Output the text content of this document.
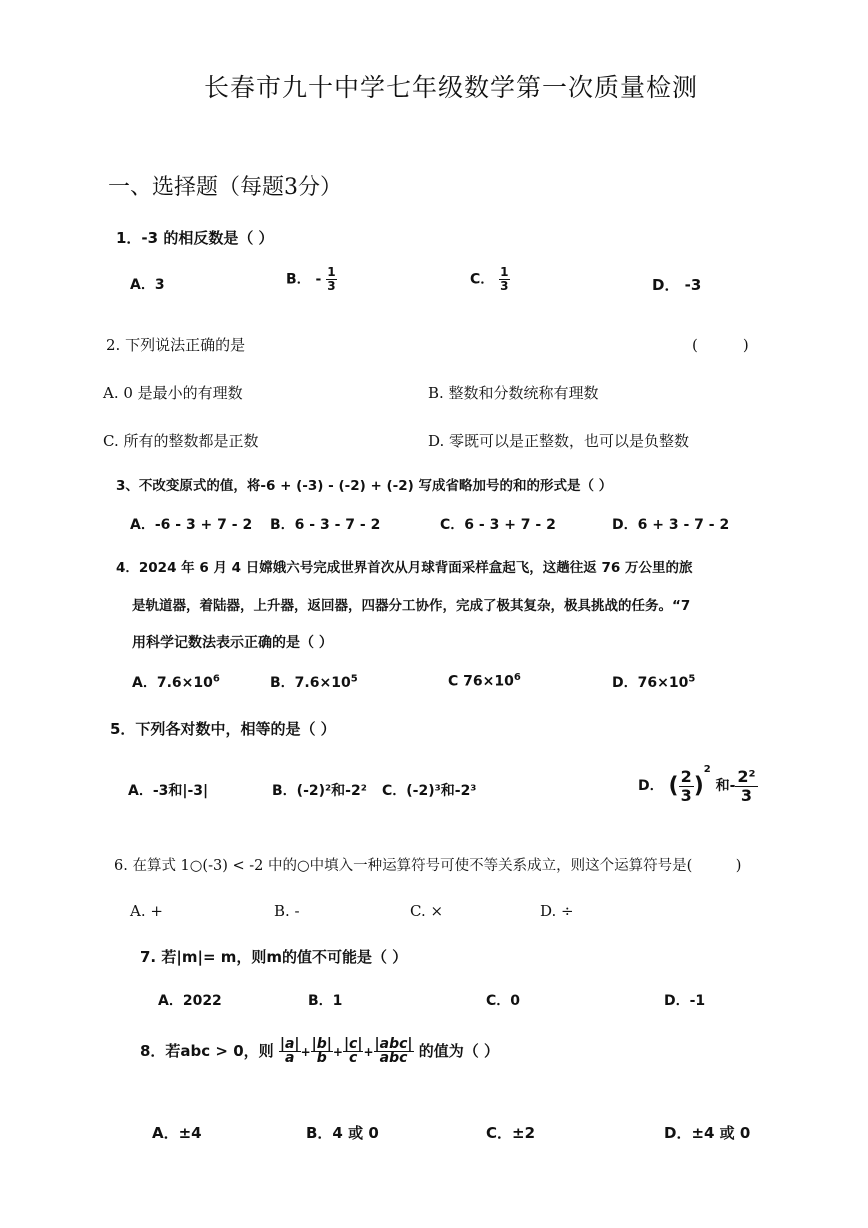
长春市九十中学七年级数学第一次质量检测
一、选择题（每题3分）
1．-3 的相反数是（ ）
A．3	B． - $\frac{1}{3}$	C． $\frac{1}{3}$	D． -3
2. 下列说法正确的是	(　　　)
A. 0 是最小的有理数	B. 整数和分数统称有理数
C. 所有的整数都是正数	D. 零既可以是正整数，也可以是负整数
3、不改变原式的值，将-6 + (-3) - (-2) + (-2) 写成省略加号的和的形式是（ ）
A．-6 - 3 + 7 - 2 B．6 - 3 - 7 - 2	C．6 - 3 + 7 - 2	D．6 + 3 - 7 - 2
4．2024 年 6 月 4 日嫦娥六号完成世界首次从月球背面采样盒起飞，这趟往返 76 万公里的旅
是轨道器，着陆器，上升器，返回器，四器分工协作，完成了极其复杂，极具挑战的任务。“7
用科学记数法表示正确的是（ ）
A．$7.6\times 10^6$	B．$7.6\times 10^5$	C $76\times 10^6$	D．$76\times 10^5$
5．下列各对数中，相等的是（ ）
A．-3和|-3|	B．(-2)²和-2² C．(-2)³和-2³	D． ( $\frac{2}{3} )^2$ 和- $\frac{\text{2²}}{3}$
6. 在算式 1○(-3) < -2 中的○中填入一种运算符号可使不等关系成立，则这个运算符号是(　　　)
A. +	B. -	C. ×	D. ÷
7. 若|m|= m，则m的值不可能是（ ）
A．2022	B．1	C．0	D．-1
8．若abc > 0，则 $\frac{|a|}{a} + \frac{|b|}{b} + \frac{|c|}{c} + \frac{\text{|abc|}}{\text{abc}}$ 的值为（ ）
A．±4	B．4 或 0	C．±2	D．±4 或 0
